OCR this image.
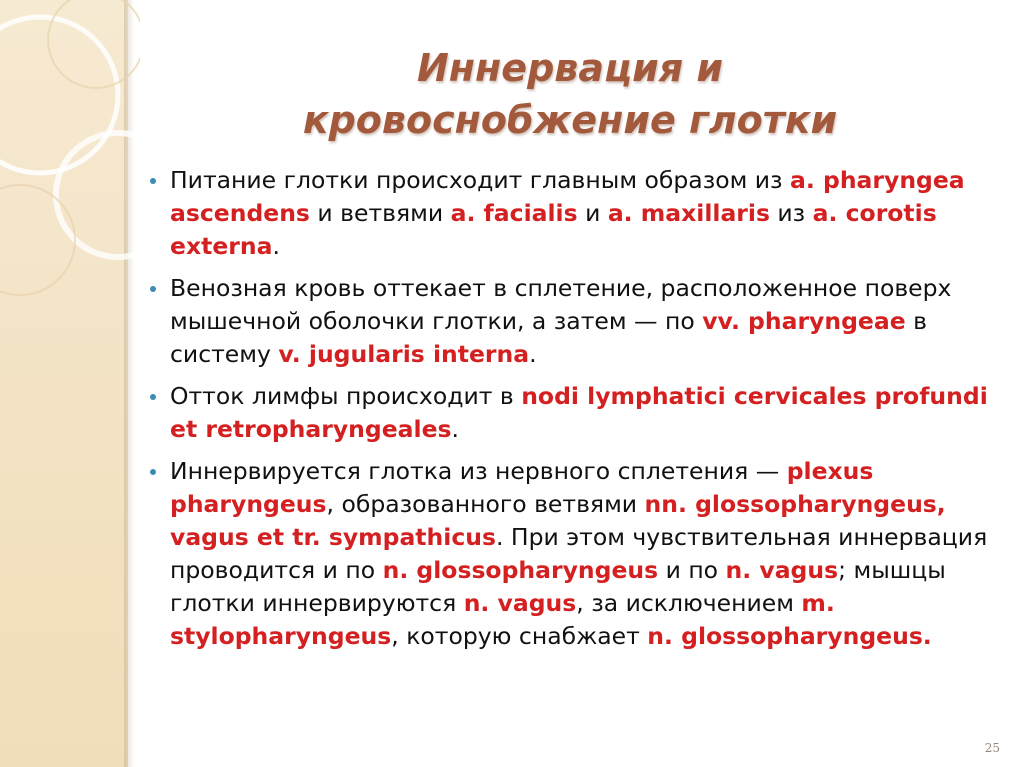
Иннервация и
кровоснобжение глотки
Питание глотки происходит главным образом из a. pharyngea ascendens и ветвями a. facialis и a. maxillaris из a. corotis externa.
Венозная кровь оттекает в сплетение, расположенное поверх мышечной оболочки глотки, а затем — по vv. pharyngeae в систему v. jugularis interna.
Отток лимфы происходит в nodi lymphatici cervicales profundi et retropharyngeales.
Иннервируется глотка из нервного сплетения — plexus pharyngeus, образованного ветвями nn. glossopharyngeus, vagus et tr. sympathicus. При этом чувствительная иннервация проводится и по n. glossopharyngeus и по n. vagus; мышцы глотки иннервируются n. vagus, за исключением m. stylopharyngeus, которую снабжает n. glossopharyngeus.
25
